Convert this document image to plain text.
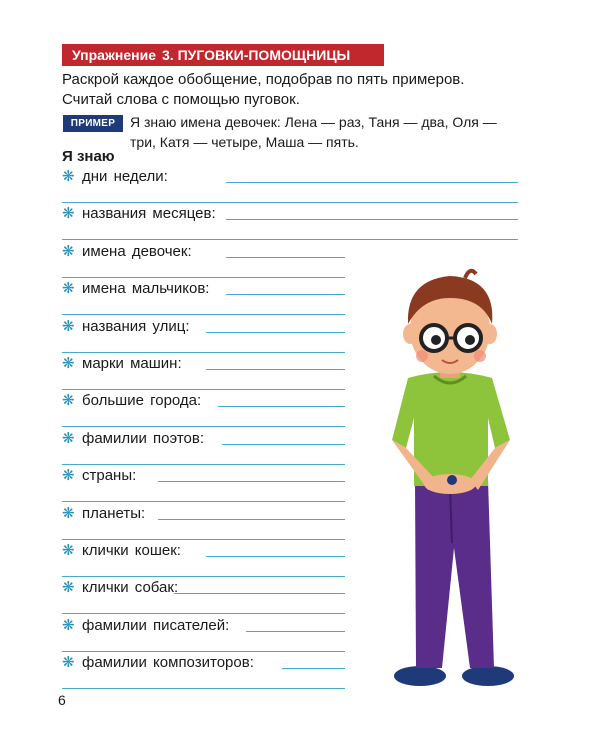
Упражнение 3. ПУГОВКИ-ПОМОЩНИЦЫ
Раскрой каждое обобщение, подобрав по пять примеров.
Считай слова с помощью пуговок.
ПРИМЕР	Я знаю имена девочек: Лена — раз, Таня — два, Оля —
три, Катя — четыре, Маша — пять.
Я знаю
❋ дни недели:
❋ названия месяцев:
❋ имена девочек:
❋ имена мальчиков:
❋ названия улиц:
❋ марки машин:
❋ большие города:
❋ фамилии поэтов:
❋ страны:
❋ планеты:
❋ клички кошек:
❋ клички собак:
❋ фамилии писателей:
❋ фамилии композиторов:
6
